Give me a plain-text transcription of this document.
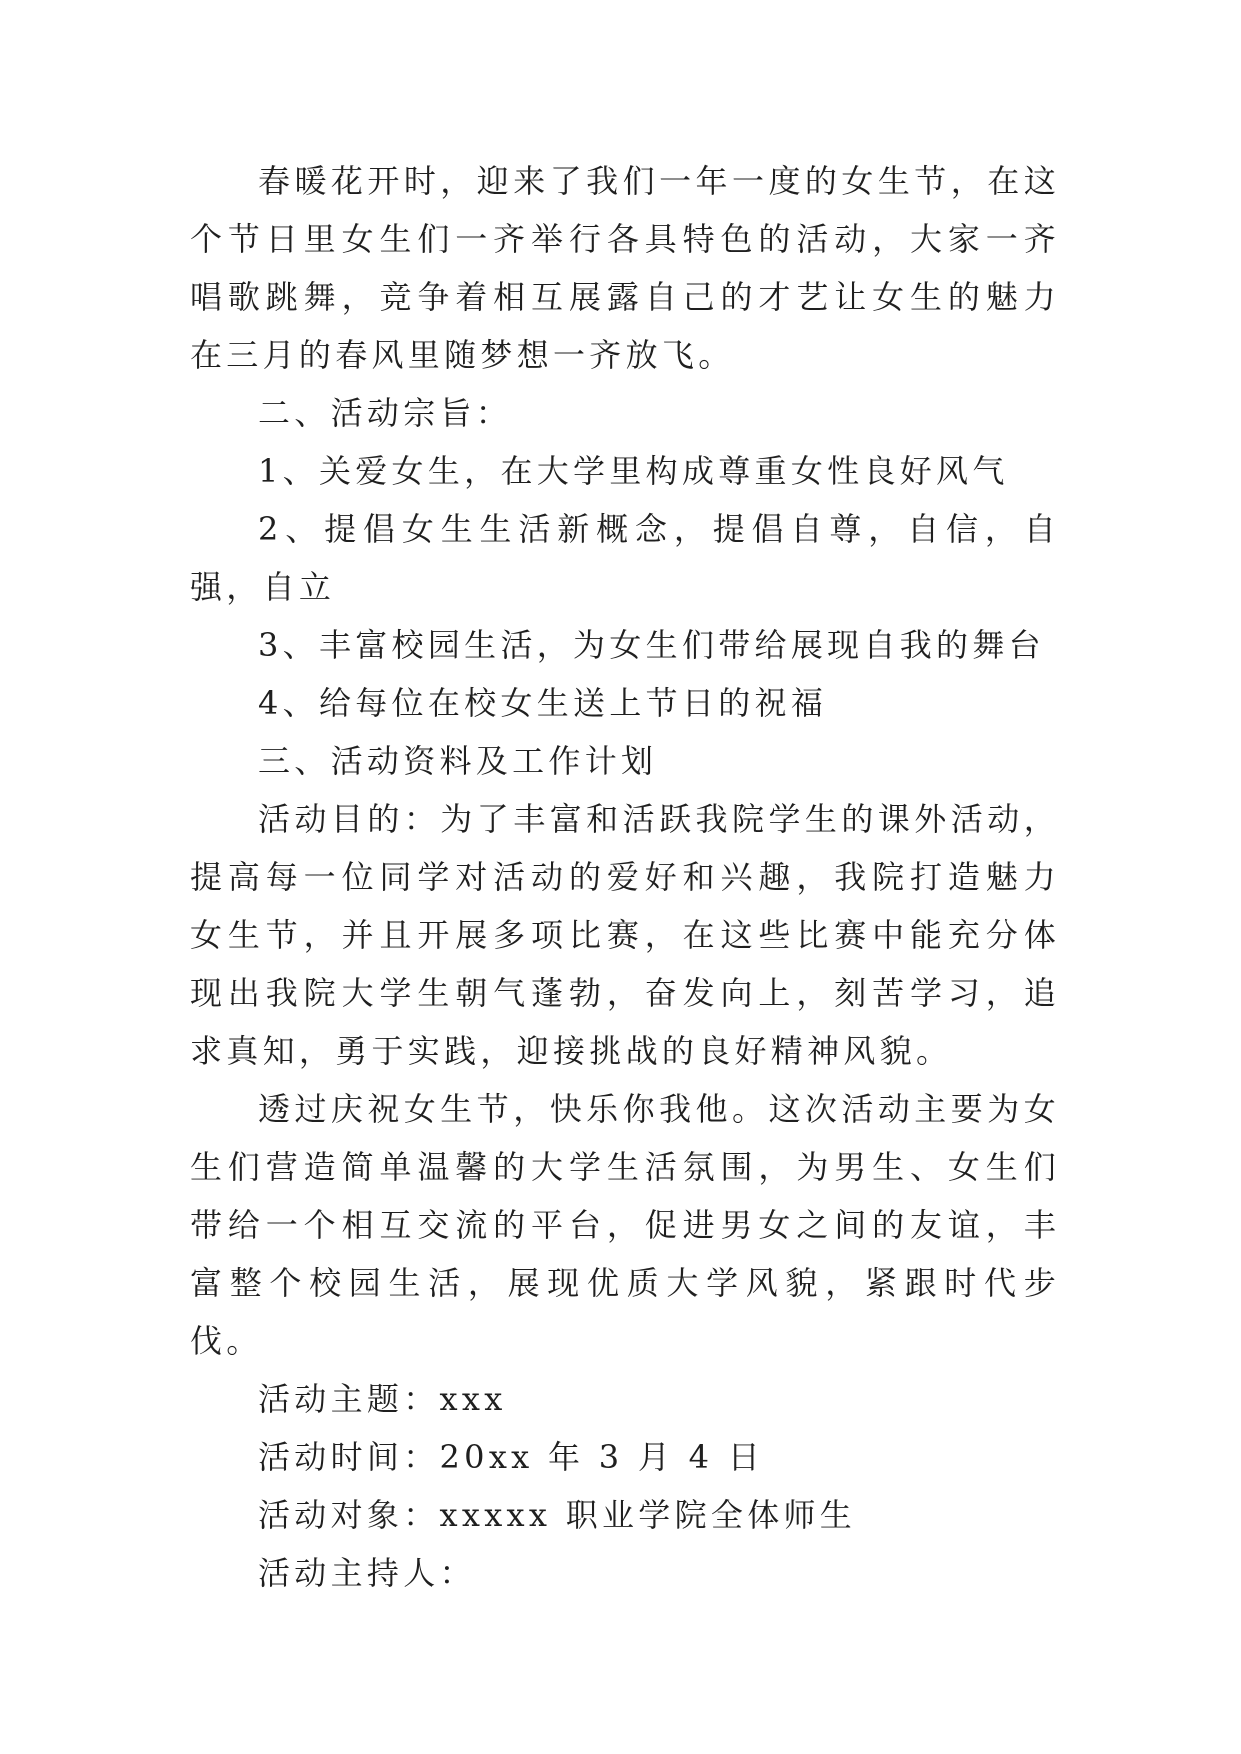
春暖花开时，迎来了我们一年一度的女生节，在这个节日里女生们一齐举行各具特色的活动，大家一齐唱歌跳舞，竞争着相互展露自己的才艺让女生的魅力在三月的春风里随梦想一齐放飞。

二、活动宗旨：

1、关爱女生，在大学里构成尊重女性良好风气

2、提倡女生生活新概念，提倡自尊，自信，自强，自立

3、丰富校园生活，为女生们带给展现自我的舞台

4、给每位在校女生送上节日的祝福

三、活动资料及工作计划

活动目的：为了丰富和活跃我院学生的课外活动，提高每一位同学对活动的爱好和兴趣，我院打造魅力女生节，并且开展多项比赛，在这些比赛中能充分体现出我院大学生朝气蓬勃，奋发向上，刻苦学习，追求真知，勇于实践，迎接挑战的良好精神风貌。

透过庆祝女生节，快乐你我他。这次活动主要为女生们营造简单温馨的大学生活氛围，为男生、女生们带给一个相互交流的平台，促进男女之间的友谊，丰富整个校园生活，展现优质大学风貌，紧跟时代步伐。

活动主题：xxx

活动时间：20xx 年 3 月 4 日

活动对象：xxxxx 职业学院全体师生

活动主持人：
